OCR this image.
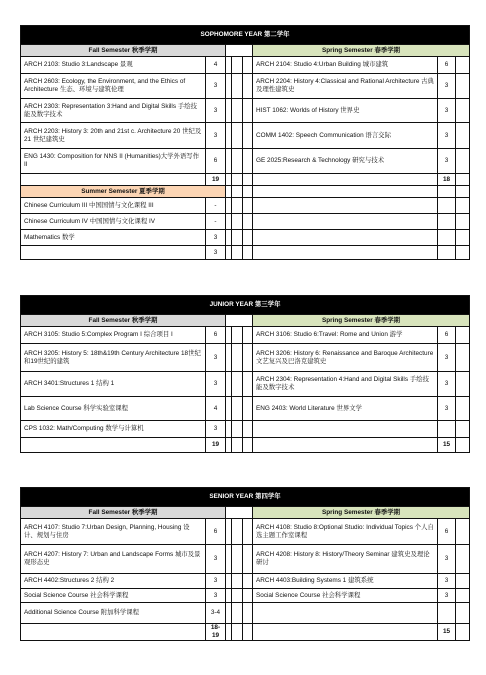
SOPHOMORE YEAR 第二学年							
Fall Semester 秋季学期					Spring Semester 春季学期		
ARCH 2103: Studio 3:Landscape 景观	4				ARCH 2104: Studio 4:Urban Building 城市建筑	6	
ARCH 2603: Ecology, the Environment, and the Ethics of Architecture 生态、环境与建筑伦理	3				ARCH 2204: History 4:Classical and Rational Architecture 古典及理性建筑史	3	
ARCH 2303: Representation 3:Hand and Digital Skills 手绘技能及数字技术	3				HIST 1062: Worlds of History 世界史	3	
ARCH 2203: History 3: 20th and 21st c. Architecture 20 世纪及 21 世纪建筑史	3				COMM 1402: Speech Communication 语言交际	3	
ENG 1430: Composition for NNS II (Humanities)大学外语写作 II	6				GE 2025:Research & Technology 研究与技术	3	
	19					18	
Summer Semester 夏季学期							
Chinese Curriculum III 中国国情与文化课程 III	-						
Chinese Curriculum IV 中国国情与文化课程 IV	-						
Mathematics 数学	3						
	3						
JUNIOR YEAR 第三学年							
Fall Semester 秋季学期					Spring Semester 春季学期		
ARCH 3105: Studio 5:Complex Program I 综合项目 I	6				ARCH 3106: Studio 6:Travel: Rome and Union 游学	6	
ARCH 3205: History 5: 18th&19th Century Architecture 18世纪和19世纪的建筑	3				ARCH 3206: History 6: Renaissance and Baroque Architecture 文艺复兴及巴洛克建筑史	3	
ARCH 3401:Structures 1 结构 1	3				ARCH 2304: Representation 4:Hand and Digital Skills 手绘技能及数字技术	3	
Lab Science Course 科学实验室课程	4				ENG 2403: World Literature 世界文学	3	
CPS 1032: Math/Computing 数学与计算机	3						
	19					15	
SENIOR YEAR 第四学年							
Fall Semester 秋季学期					Spring Semester 春季学期		
ARCH 4107: Studio 7:Urban Design, Planning, Housing 设计、规划与住房	6				ARCH 4108: Studio 8:Optional Studio: Individual Topics 个人自选主题工作室课程	6	
ARCH 4207: History 7: Urban and Landscape Forms 城市及景观形态史	3				ARCH 4208: History 8: History/Theory Seminar 建筑史及理论研讨	3	
ARCH 4402:Structures 2 结构 2	3				ARCH 4403:Building Systems 1 建筑系统	3	
Social Science Course 社会科学课程	3				Social Science Course 社会科学课程	3	
Additional Science Course 附加科学课程	3-4						
	18-19					15	
